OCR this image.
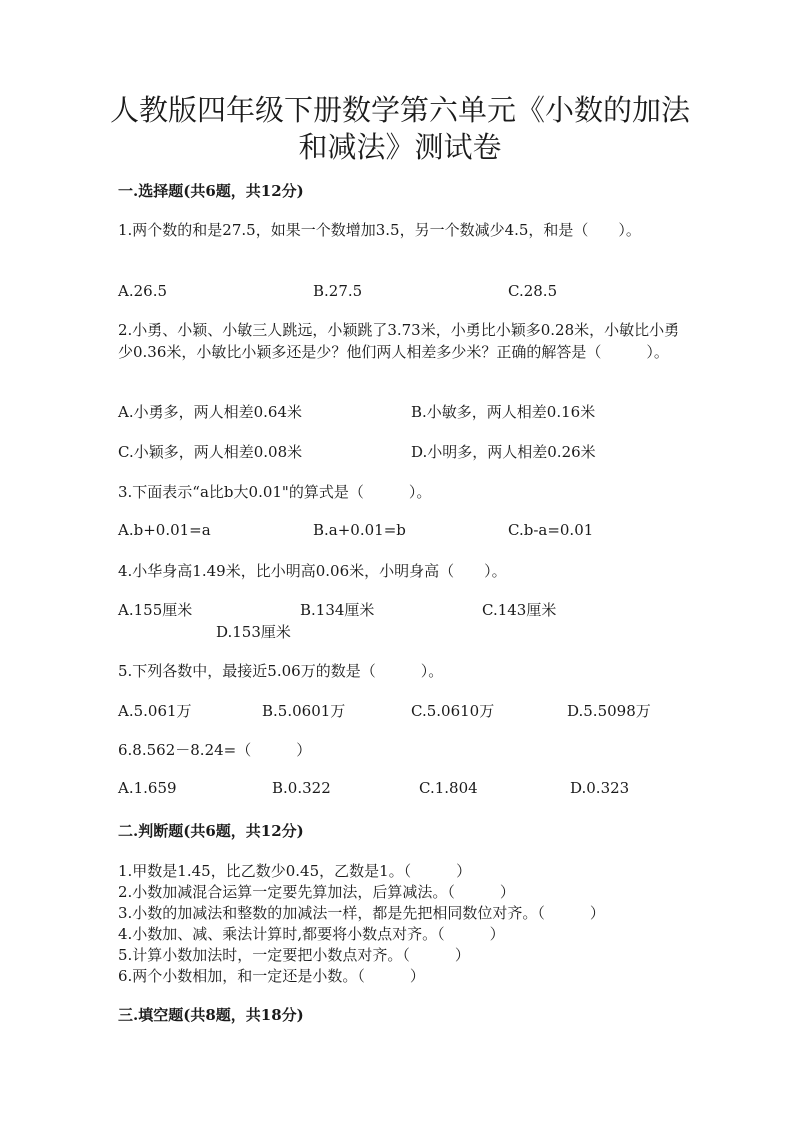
人教版四年级下册数学第六单元《小数的加法和减法》测试卷
一.选择题(共6题，共12分)
1.两个数的和是27.5，如果一个数增加3.5，另一个数减少4.5，和是（　　）。
A.26.5	B.27.5	C.28.5
2.小勇、小颖、小敏三人跳远，小颖跳了3.73米，小勇比小颖多0.28米，小敏比小勇少0.36米，小敏比小颖多还是少？他们两人相差多少米？正确的解答是（　　　）。
A.小勇多，两人相差0.64米	B.小敏多，两人相差0.16米
C.小颖多，两人相差0.08米	D.小明多，两人相差0.26米
3.下面表示“a比b大0.01"的算式是（　　　）。
A.b+0.01=a	B.a+0.01=b	C.b-a=0.01
4.小华身高1.49米，比小明高0.06米，小明身高（　　）。
A.155厘米	B.134厘米	C.143厘米
D.153厘米
5.下列各数中，最接近5.06万的数是（　　　）。
A.5.061万	B.5.0601万	C.5.0610万	D.5.5098万
6.8.562－8.24=（　　　）
A.1.659	B.0.322	C.1.804	D.0.323
二.判断题(共6题，共12分)
1.甲数是1.45，比乙数少0.45，乙数是1。（　　　）
2.小数加减混合运算一定要先算加法，后算减法。（　　　）
3.小数的加减法和整数的加减法一样，都是先把相同数位对齐。（　　　）
4.小数加、减、乘法计算时,都要将小数点对齐。（　　　）
5.计算小数加法时，一定要把小数点对齐。（　　　）
6.两个小数相加，和一定还是小数。（　　　）
三.填空题(共8题，共18分)
